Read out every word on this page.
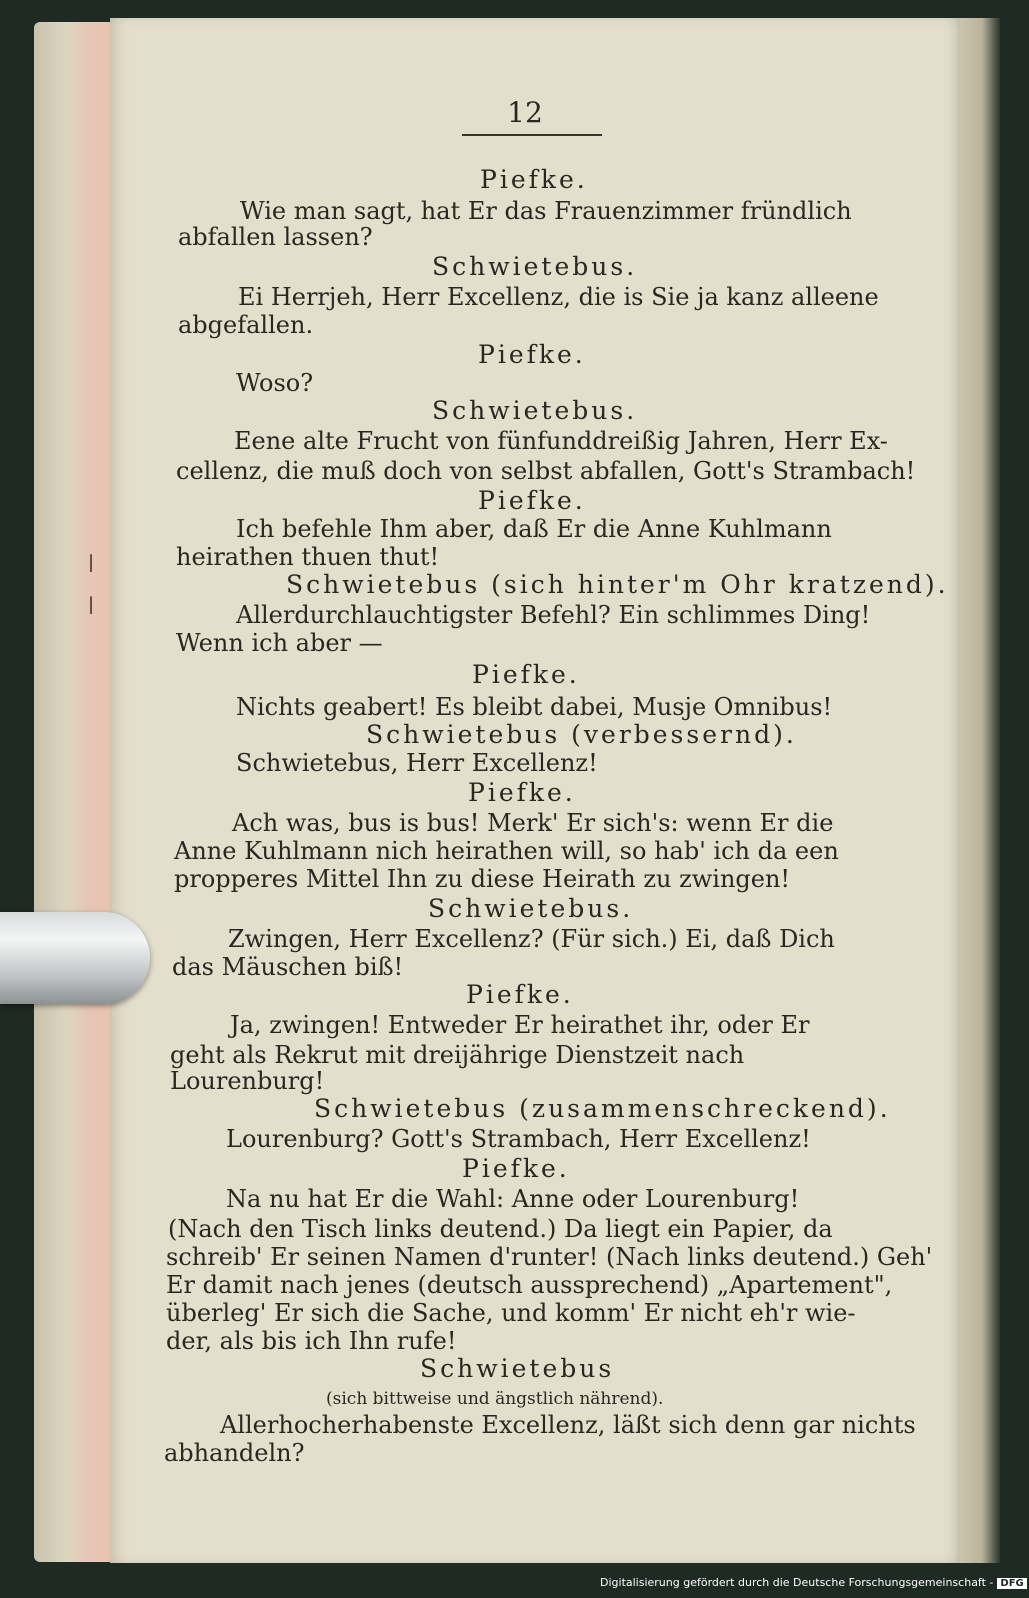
12
|
|
Piefke.
Wie man sagt, hat Er das Frauenzimmer fründlich
abfallen lassen?
Schwietebus.
Ei Herrjeh, Herr Excellenz, die is Sie ja kanz alleene
abgefallen.
Piefke.
Woso?
Schwietebus.
Eene alte Frucht von fünfunddreißig Jahren, Herr Ex-
cellenz, die muß doch von selbst abfallen, Gott's Strambach!
Piefke.
Ich befehle Ihm aber, daß Er die Anne Kuhlmann
heirathen thuen thut!
Schwietebus (sich hinter'm Ohr kratzend).
Allerdurchlauchtigster Befehl? Ein schlimmes Ding!
Wenn ich aber —
Piefke.
Nichts geabert! Es bleibt dabei, Musje Omnibus!
Schwietebus (verbessernd).
Schwietebus, Herr Excellenz!
Piefke.
Ach was, bus is bus! Merk' Er sich's: wenn Er die
Anne Kuhlmann nich heirathen will, so hab' ich da een
propperes Mittel Ihn zu diese Heirath zu zwingen!
Schwietebus.
Zwingen, Herr Excellenz? (Für sich.) Ei, daß Dich
das Mäuschen biß!
Piefke.
Ja, zwingen! Entweder Er heirathet ihr, oder Er
geht als Rekrut mit dreijährige Dienstzeit nach
Lourenburg!
Schwietebus (zusammenschreckend).
Lourenburg? Gott's Strambach, Herr Excellenz!
Piefke.
Na nu hat Er die Wahl: Anne oder Lourenburg!
(Nach den Tisch links deutend.) Da liegt ein Papier, da
schreib' Er seinen Namen d'runter! (Nach links deutend.) Geh'
Er damit nach jenes (deutsch aussprechend) „Apartement",
überleg' Er sich die Sache, und komm' Er nicht eh'r wie-
der, als bis ich Ihn rufe!
Schwietebus
(sich bittweise und ängstlich nährend).
Allerhocherhabenste Excellenz, läßt sich denn gar nichts
abhandeln?
Digitalisierung gefördert durch die Deutsche Forschungsgemeinschaft - DFG
